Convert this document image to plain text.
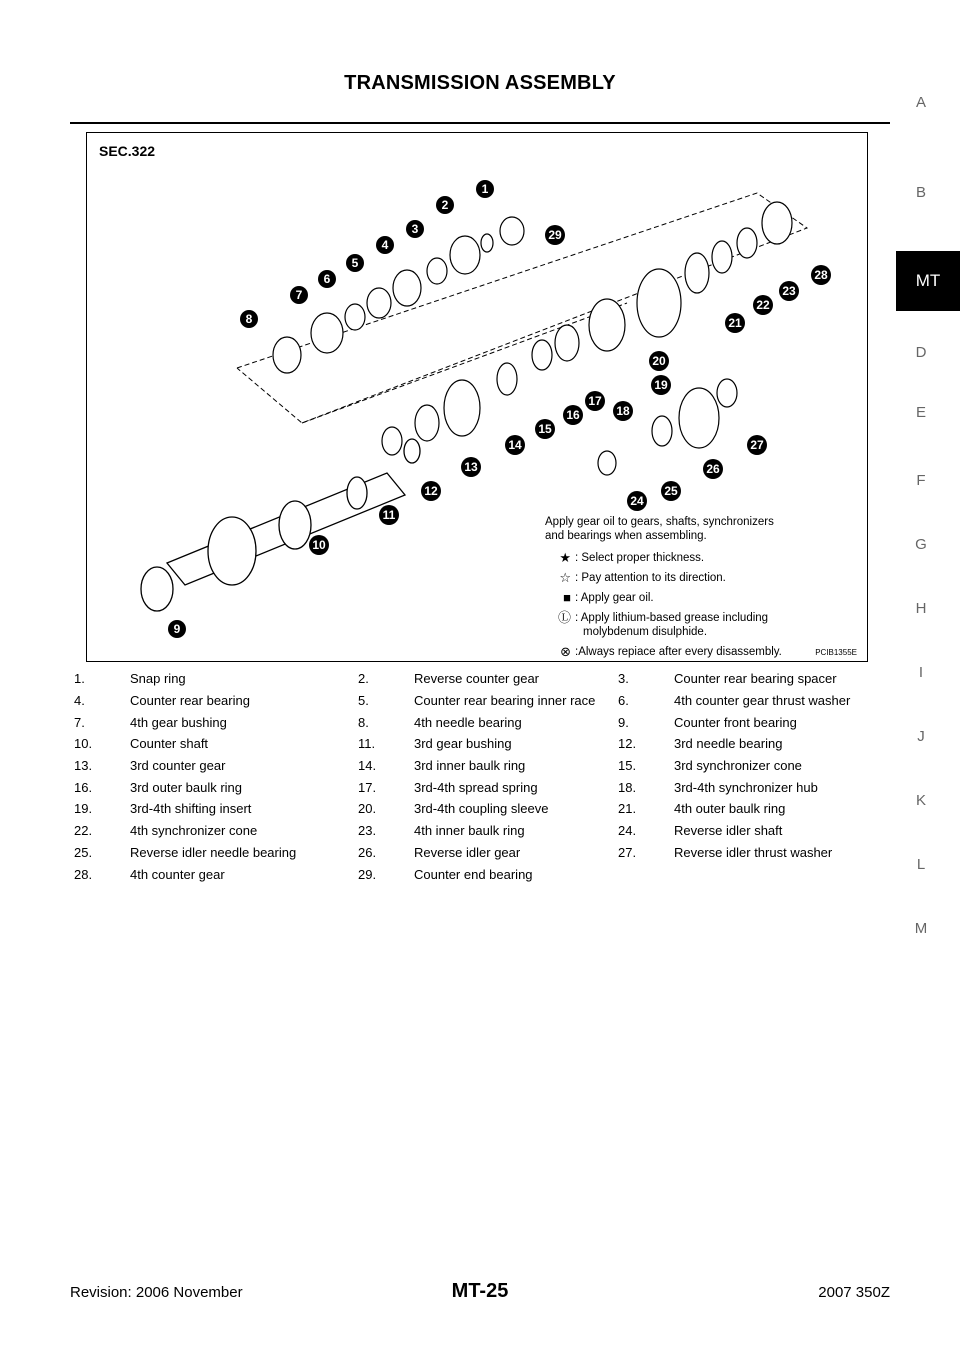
TRANSMISSION ASSEMBLY
A
B
MT
D
E
F
G
H
I
J
K
L
M
SEC.322
1
2
3
4
5
6
7
8
9
10
11
12
13
14
15
16
17
18
19
20
21
22
23
24
25
26
27
28
29
Apply gear oil to gears, shafts, synchronizers
and bearings when assembling.
★ : Select proper thickness.
☆ : Pay attention to its direction.
■ : Apply gear oil.
Ⓛ : Apply lithium-based grease including
molybdenum disulphide.
⊗ :Always repiace after every disassembly.	PCIB1355E
1.	Snap ring	2.	Reverse counter gear	3.	Counter rear bearing spacer
4.	Counter rear bearing	5.	Counter rear bearing inner race	6.	4th counter gear thrust washer
7.	4th gear bushing	8.	4th needle bearing	9.	Counter front bearing
10.	Counter shaft	11.	3rd gear bushing	12.	3rd needle bearing
13.	3rd counter gear	14.	3rd inner baulk ring	15.	3rd synchronizer cone
16.	3rd outer baulk ring	17.	3rd-4th spread spring	18.	3rd-4th synchronizer hub
19.	3rd-4th shifting insert	20.	3rd-4th coupling sleeve	21.	4th outer baulk ring
22.	4th synchronizer cone	23.	4th inner baulk ring	24.	Reverse idler shaft
25.	Reverse idler needle bearing	26.	Reverse idler gear	27.	Reverse idler thrust washer
28.	4th counter gear	29.	Counter end bearing
Revision: 2006 November	MT-25	2007 350Z
